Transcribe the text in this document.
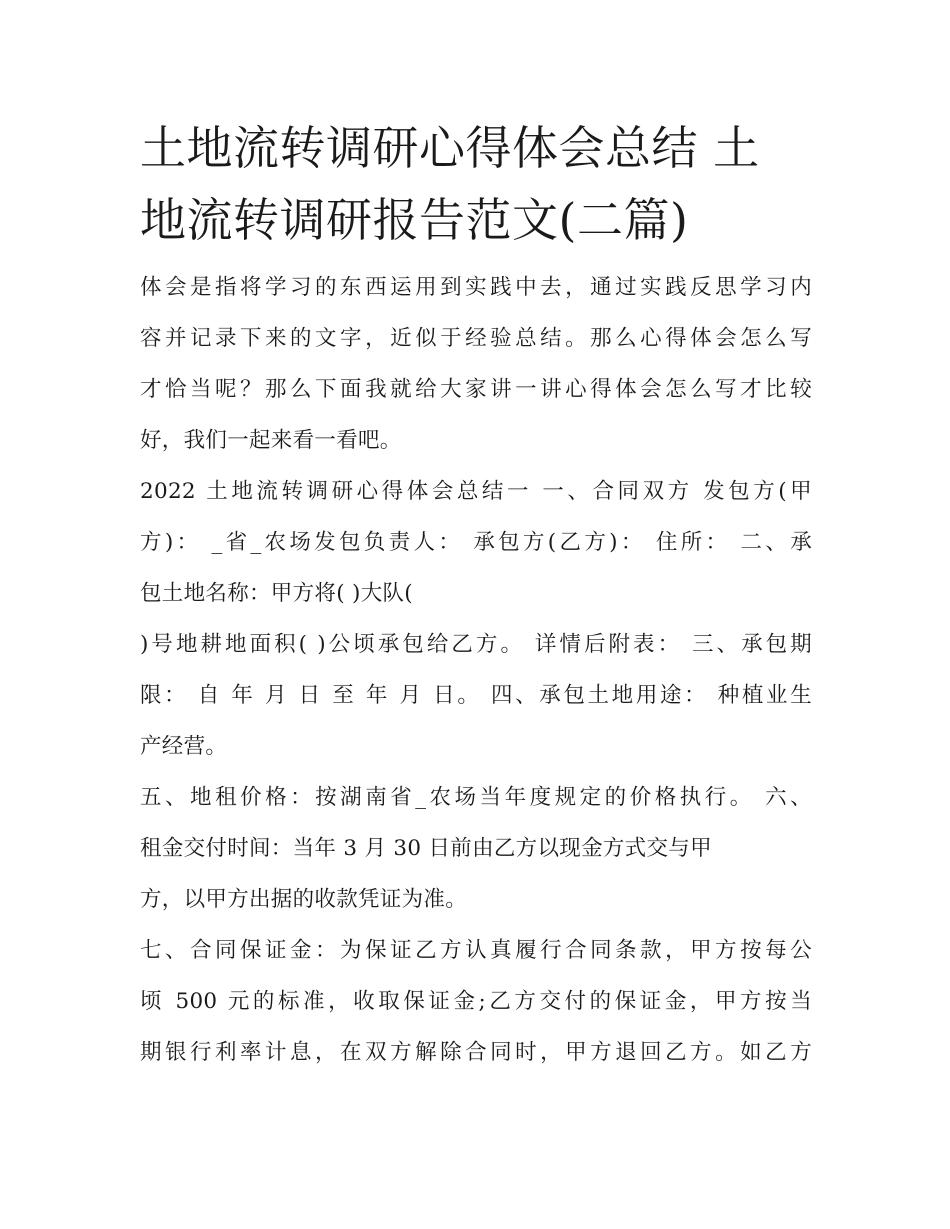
土地流转调研心得体会总结 土
地流转调研报告范文(二篇)

体会是指将学习的东西运用到实践中去，通过实践反思学习内
容并记录下来的文字，近似于经验总结。那么心得体会怎么写
才恰当呢？那么下面我就给大家讲一讲心得体会怎么写才比较
好，我们一起来看一看吧。

2022 土地流转调研心得体会总结一 一、合同双方 发包方(甲
方)： _省_农场发包负责人： 承包方(乙方)： 住所： 二、承
包土地名称：甲方将( )大队(

)号地耕地面积( )公顷承包给乙方。 详情后附表： 三、承包期
限： 自 年 月 日 至 年 月 日。 四、承包土地用途： 种植业生
产经营。

五、地租价格：按湖南省_农场当年度规定的价格执行。 六、
租金交付时间：当年 3 月 30 日前由乙方以现金方式交与甲
方，以甲方出据的收款凭证为准。

七、合同保证金：为保证乙方认真履行合同条款，甲方按每公
顷 500 元的标准，收取保证金;乙方交付的保证金，甲方按当
期银行利率计息，在双方解除合同时，甲方退回乙方。如乙方
